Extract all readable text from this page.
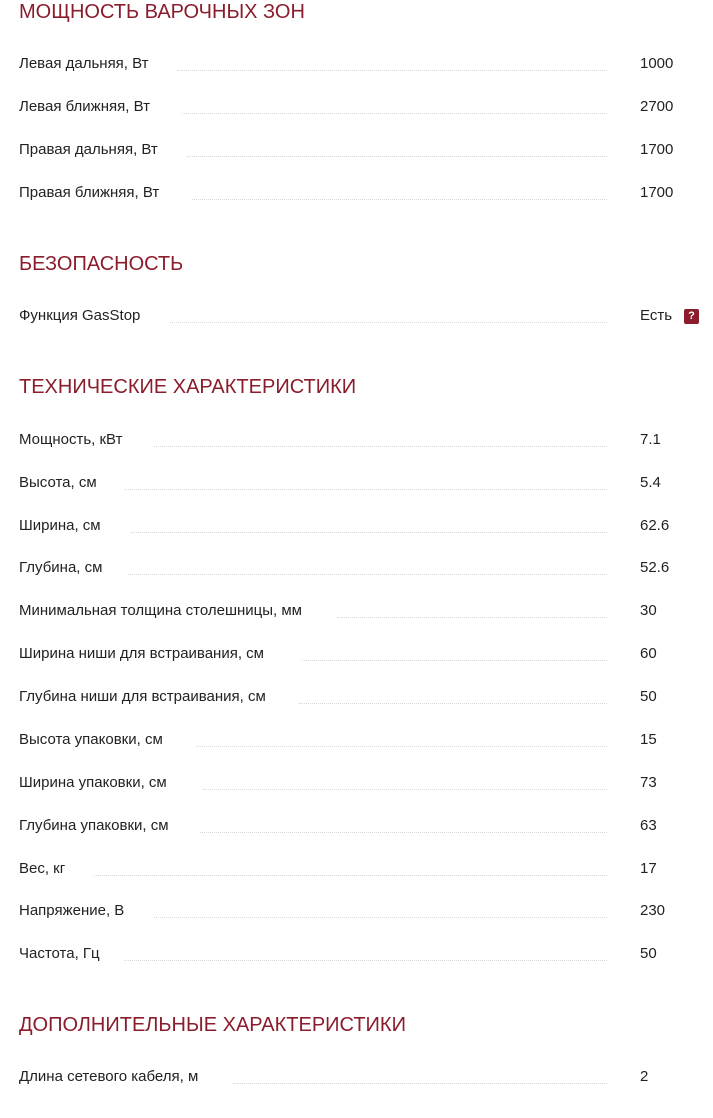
МОЩНОСТЬ ВАРОЧНЫХ ЗОН
Левая дальняя, Вт	1000
Левая ближняя, Вт	2700
Правая дальняя, Вт	1700
Правая ближняя, Вт	1700
БЕЗОПАСНОСТЬ
Функция GasStop	Есть	?
ТЕХНИЧЕСКИЕ ХАРАКТЕРИСТИКИ
Мощность, кВт	7.1
Высота, см	5.4
Ширина, см	62.6
Глубина, см	52.6
Минимальная толщина столешницы, мм	30
Ширина ниши для встраивания, см	60
Глубина ниши для встраивания, см	50
Высота упаковки, см	15
Ширина упаковки, см	73
Глубина упаковки, см	63
Вес, кг	17
Напряжение, В	230
Частота, Гц	50
ДОПОЛНИТЕЛЬНЫЕ ХАРАКТЕРИСТИКИ
Длина сетевого кабеля, м	2
